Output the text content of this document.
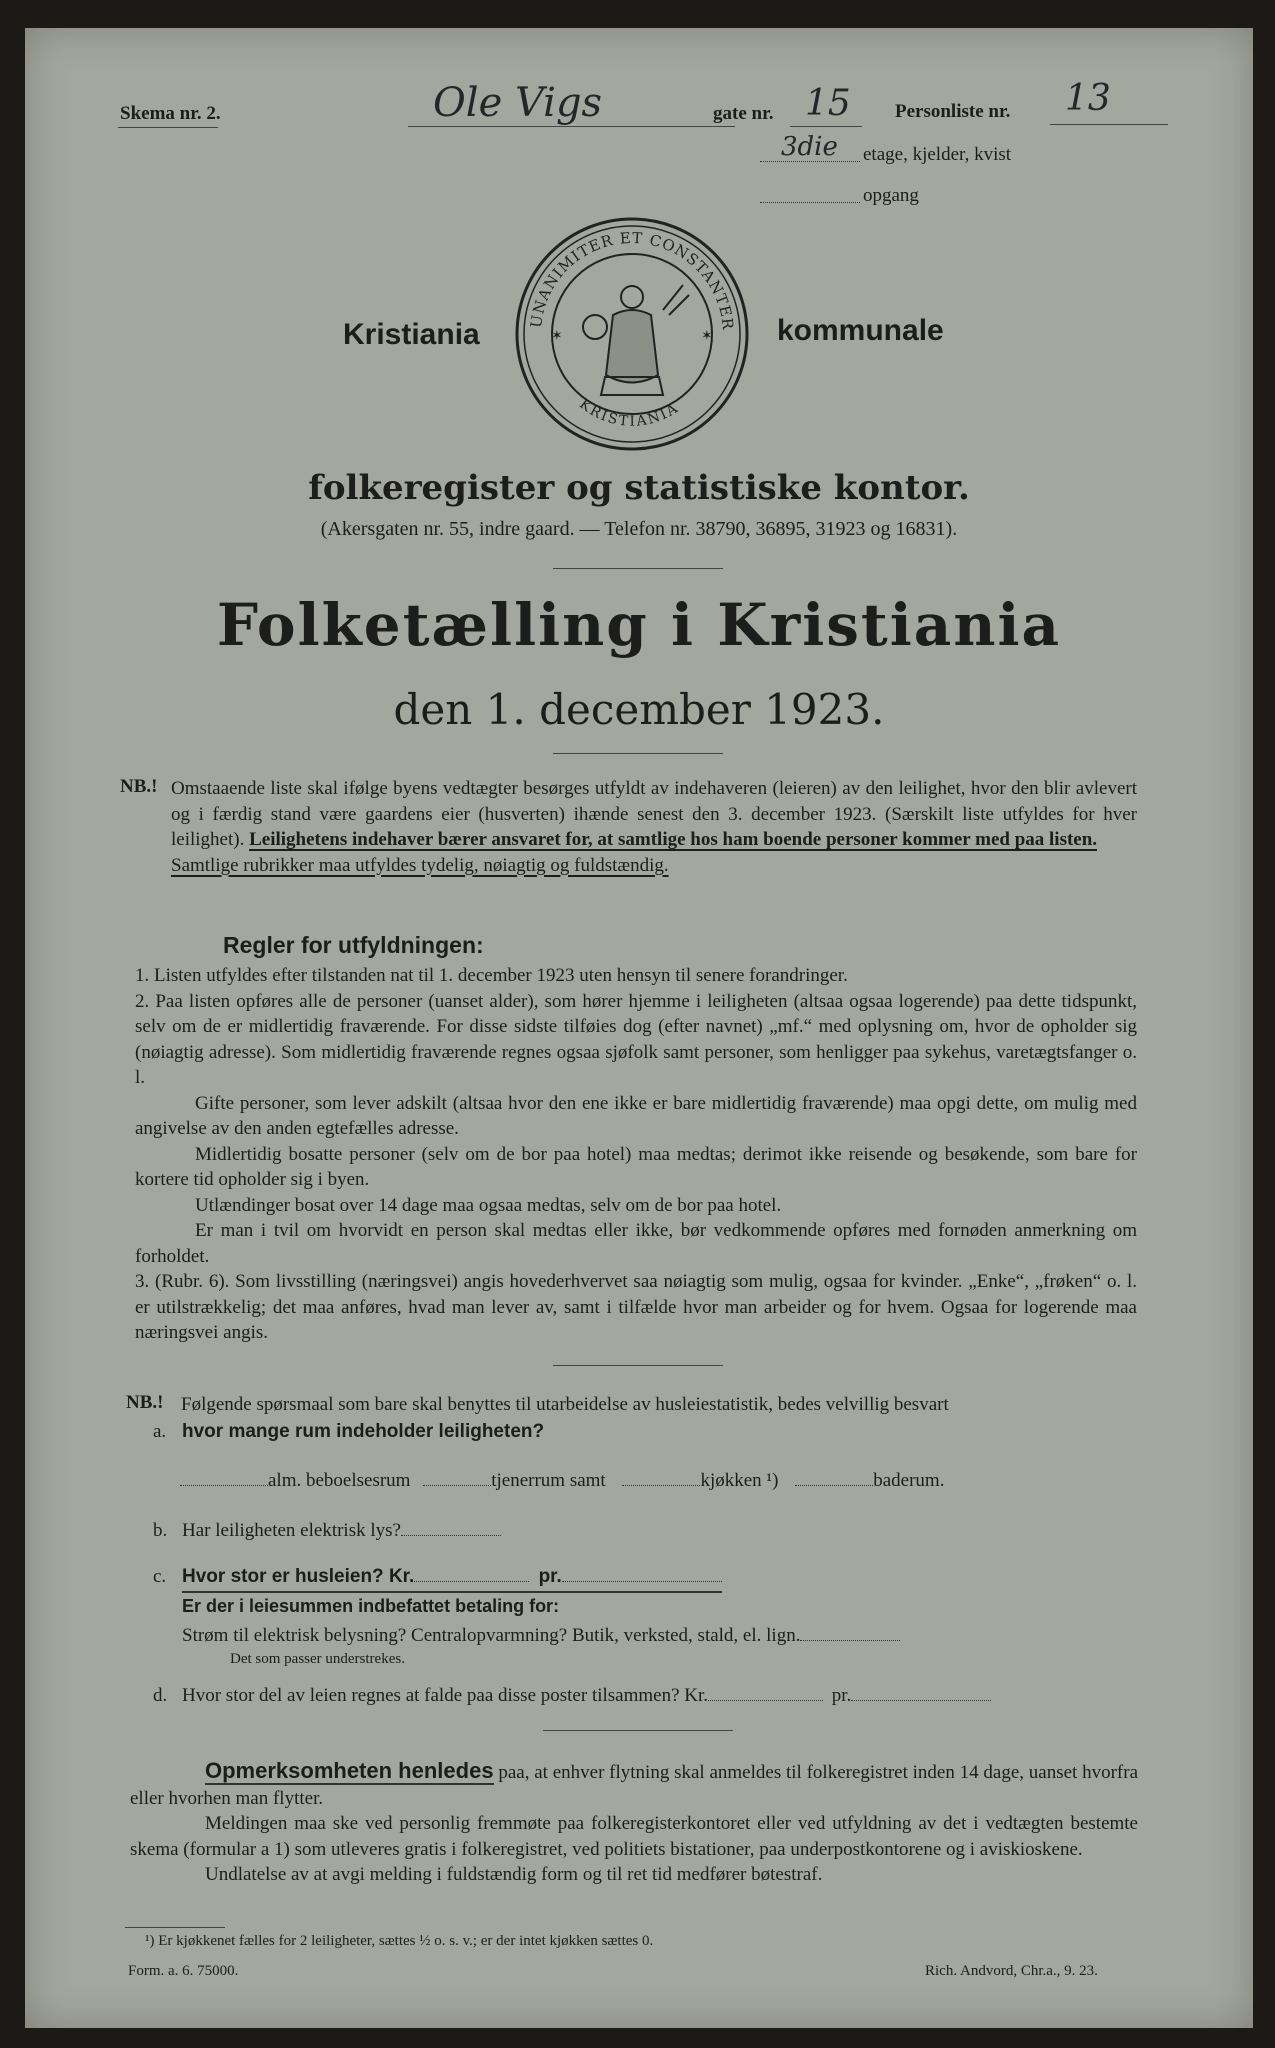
Skema nr. 2.	Ole Vigs	gate nr. 15 Personliste nr. 13
3die etage, kjelder, kvist
opgang
Kristiania	kommunale
UNANIMITER ET CONSTANTER
KRISTIANIA
✶	✶
folkeregister og statistiske kontor.
(Akersgaten nr. 55, indre gaard. — Telefon nr. 38790, 36895, 31923 og 16831).
Folketælling i Kristiania
den 1. december 1923.
NB.! Omstaaende liste skal ifølge byens vedtægter besørges utfyldt av indehaveren (leieren) av den leilighet, hvor den blir avlevert og i færdig stand være gaardens eier (husverten) ihænde senest den 3. december 1923. (Særskilt liste utfyldes for hver leilighet). Leilighetens indehaver bærer ansvaret for, at samtlige hos ham boende personer kommer med paa listen.
Samtlige rubrikker maa utfyldes tydelig, nøiagtig og fuldstændig.
Regler for utfyldningen:
1. Listen utfyldes efter tilstanden nat til 1. december 1923 uten hensyn til senere forandringer.
2. Paa listen opføres alle de personer (uanset alder), som hører hjemme i leiligheten (altsaa ogsaa logerende) paa dette tidspunkt, selv om de er midlertidig fraværende. For disse sidste tilføies dog (efter navnet) „mf.“ med oplysning om, hvor de opholder sig (nøiagtig adresse). Som midlertidig fraværende regnes ogsaa sjøfolk samt personer, som henligger paa sykehus, varetægtsfanger o. l.
Gifte personer, som lever adskilt (altsaa hvor den ene ikke er bare midlertidig fraværende) maa opgi dette, om mulig med angivelse av den anden egtefælles adresse.
Midlertidig bosatte personer (selv om de bor paa hotel) maa medtas; derimot ikke reisende og besøkende, som bare for kortere tid opholder sig i byen.
Utlændinger bosat over 14 dage maa ogsaa medtas, selv om de bor paa hotel.
Er man i tvil om hvorvidt en person skal medtas eller ikke, bør vedkommende opføres med fornøden anmerkning om forholdet.
3. (Rubr. 6). Som livsstilling (næringsvei) angis hovederhvervet saa nøiagtig som mulig, ogsaa for kvinder. „Enke“, „frøken“ o. l. er utilstrækkelig; det maa anføres, hvad man lever av, samt i tilfælde hvor man arbeider og for hvem. Ogsaa for logerende maa næringsvei angis.
NB.! Følgende spørsmaal som bare skal benyttes til utarbeidelse av husleiestatistik, bedes velvillig besvart
a. hvor mange rum indeholder leiligheten?
alm. beboelsesrum	tjenerrum samt	kjøkken ¹)	baderum.
b. Har leiligheten elektrisk lys?
c. Hvor stor er husleien? Kr.	pr.
Er der i leiesummen indbefattet betaling for:
Strøm til elektrisk belysning? Centralopvarmning? Butik, verksted, stald, el. lign.
Det som passer understrekes.
d. Hvor stor del av leien regnes at falde paa disse poster tilsammen? Kr.	pr.
Opmerksomheten henledes paa, at enhver flytning skal anmeldes til folkeregistret inden 14 dage, uanset hvorfra eller hvorhen man flytter.
Meldingen maa ske ved personlig fremmøte paa folkeregisterkontoret eller ved utfyldning av det i vedtægten bestemte skema (formular a 1) som utleveres gratis i folkeregistret, ved politiets bistationer, paa underpostkontorene og i aviskioskene.
Undlatelse av at avgi melding i fuldstændig form og til ret tid medfører bøtestraf.
¹) Er kjøkkenet fælles for 2 leiligheter, sættes ½ o. s. v.; er der intet kjøkken sættes 0.
Form. a. 6. 75000.	Rich. Andvord, Chr.a., 9. 23.
